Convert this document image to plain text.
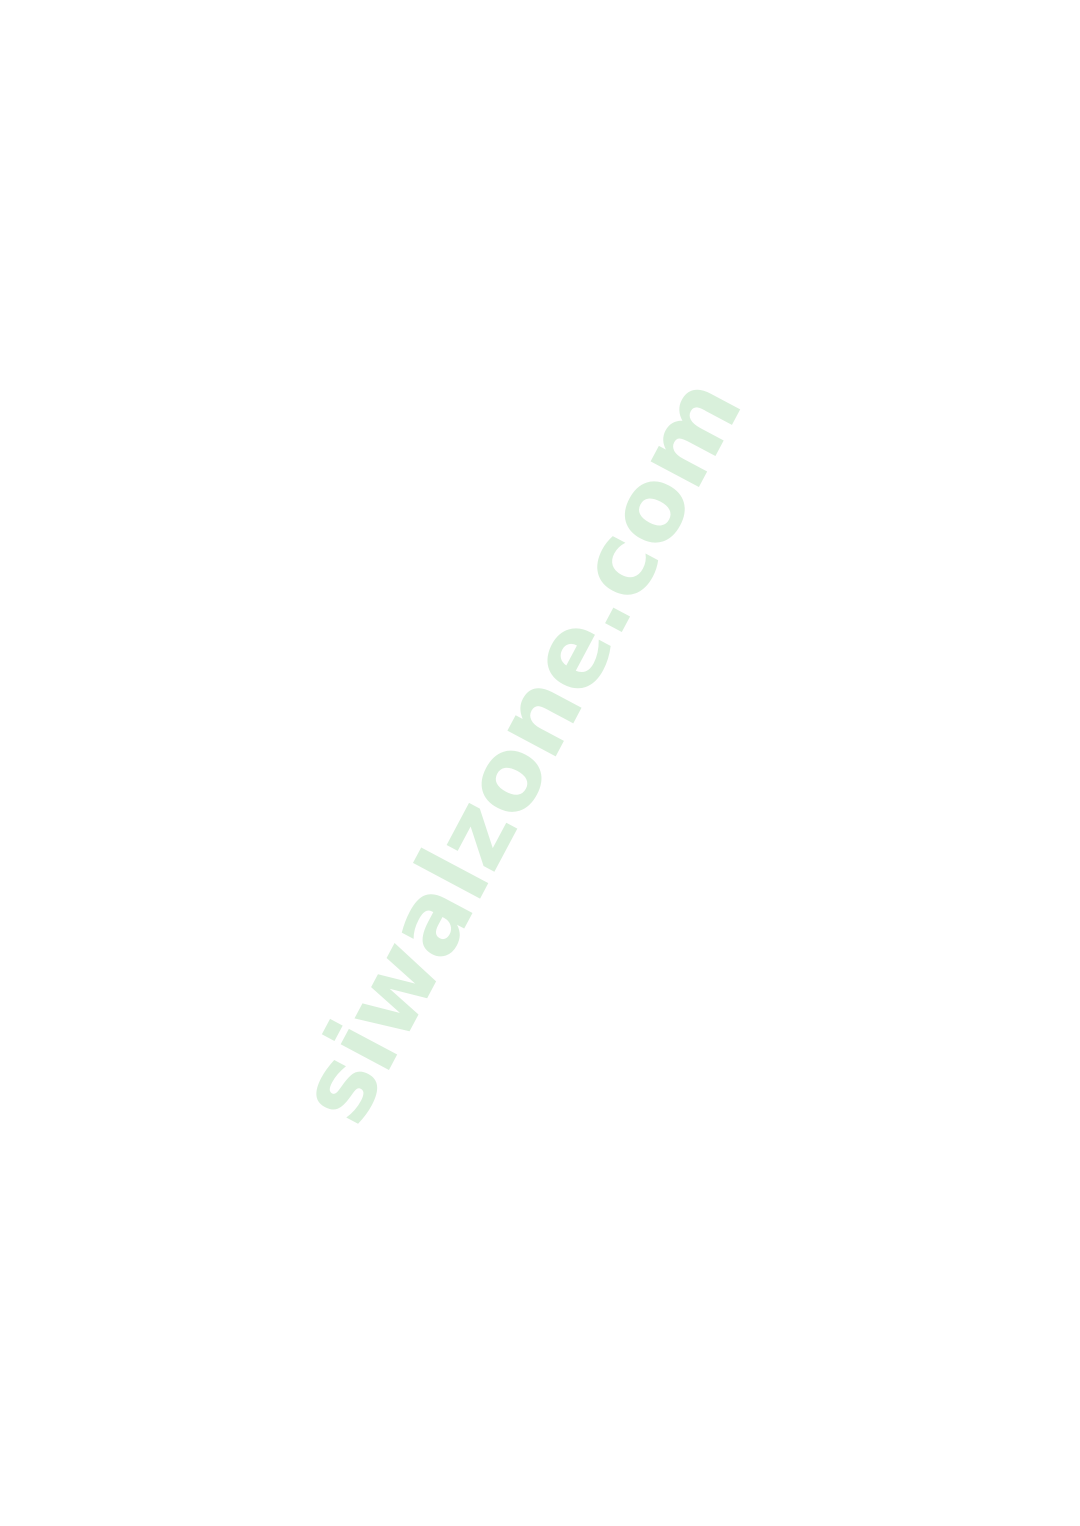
siwalzone.com
